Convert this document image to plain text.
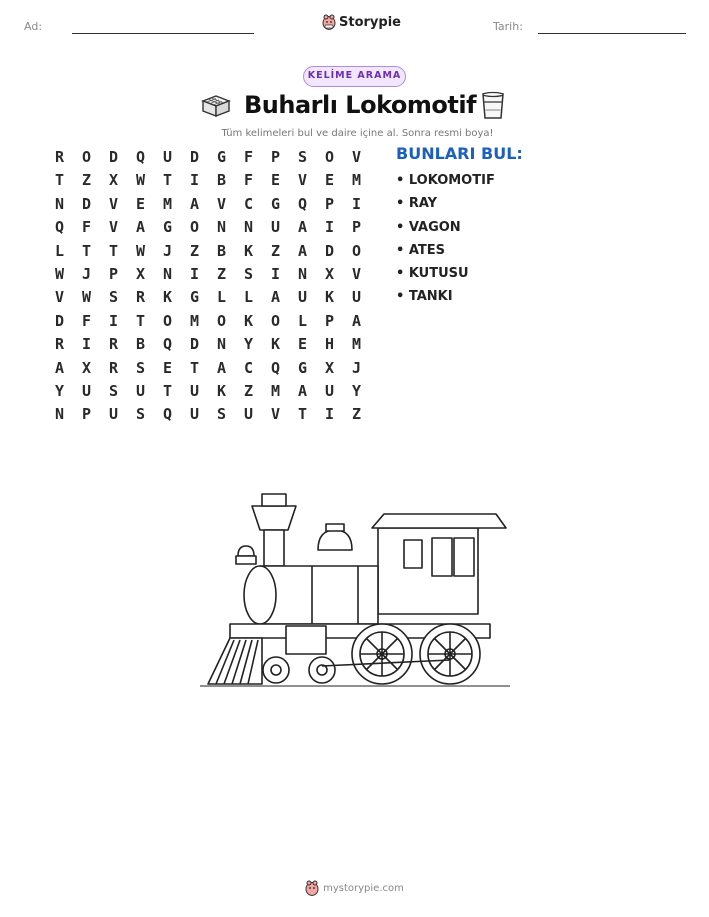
Ad:	Storypie	Tarih:
KELİME ARAMA
Buharlı Lokomotif
Tüm kelimeleri bul ve daire içine al. Sonra resmi boya!
R	O	D	Q	U	D	G	F	P	S	O	V
T	Z	X	W	T	I	B	F	E	V	E	M
N	D	V	E	M	A	V	C	G	Q	P	I
Q	F	V	A	G	O	N	N	U	A	I	P
L	T	T	W	J	Z	B	K	Z	A	D	O
W	J	P	X	N	I	Z	S	I	N	X	V
V	W	S	R	K	G	L	L	A	U	K	U
D	F	I	T	O	M	O	K	O	L	P	A
R	I	R	B	Q	D	N	Y	K	E	H	M
A	X	R	S	E	T	A	C	Q	G	X	J
Y	U	S	U	T	U	K	Z	M	A	U	Y
N	P	U	S	Q	U	S	U	V	T	I	Z
BUNLARI BUL:
• LOKOMOTIF
• RAY
• VAGON
• ATES
• KUTUSU
• TANKI
mystorypie.com
